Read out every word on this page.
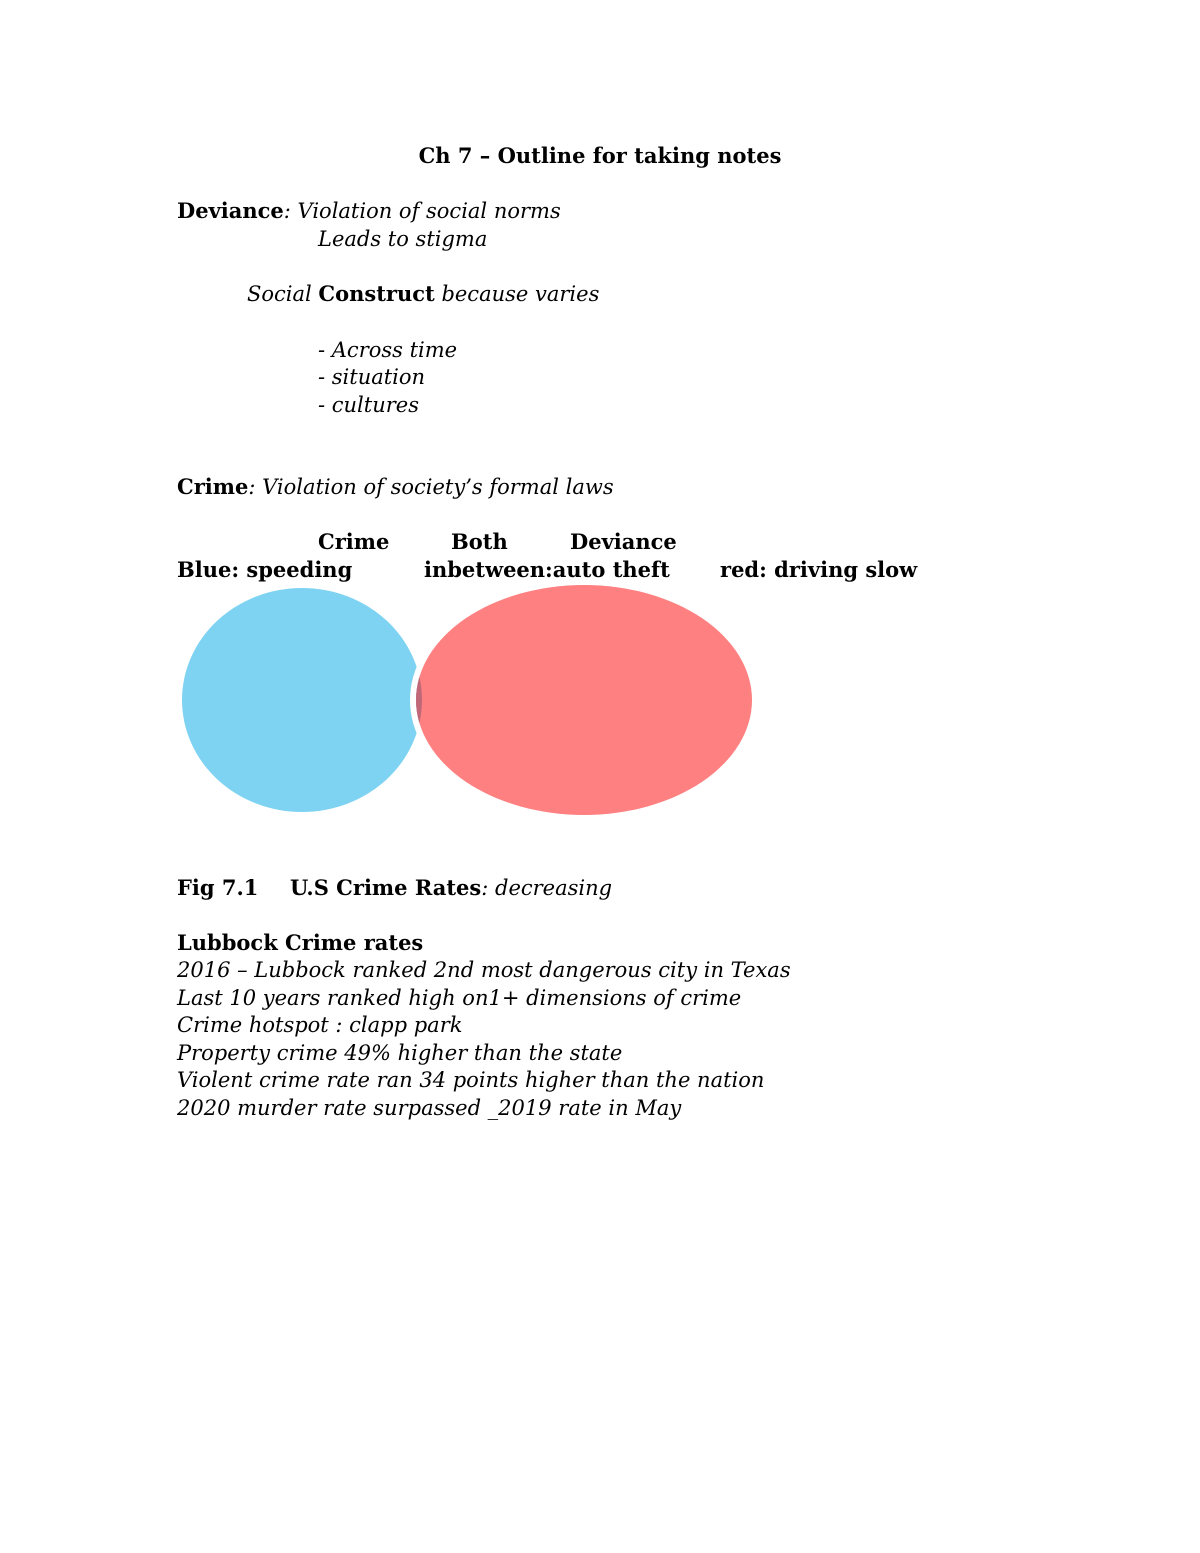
Ch 7 – Outline for taking notes
Deviance: Violation of social norms
Leads to stigma
Social Construct because varies
- Across time
- situation
- cultures
Crime: Violation of society’s formal laws
Crime	Both	Deviance
Blue: speeding	inbetween:auto theft red: driving slow
Fig 7.1 U.S Crime Rates: decreasing
Lubbock Crime rates
2016 – Lubbock ranked 2nd most dangerous city in Texas
Last 10 years ranked high on1+ dimensions of crime
Crime hotspot : clapp park
Property crime 49% higher than the state
Violent crime rate ran 34 points higher than the nation
2020 murder rate surpassed _2019 rate in May
